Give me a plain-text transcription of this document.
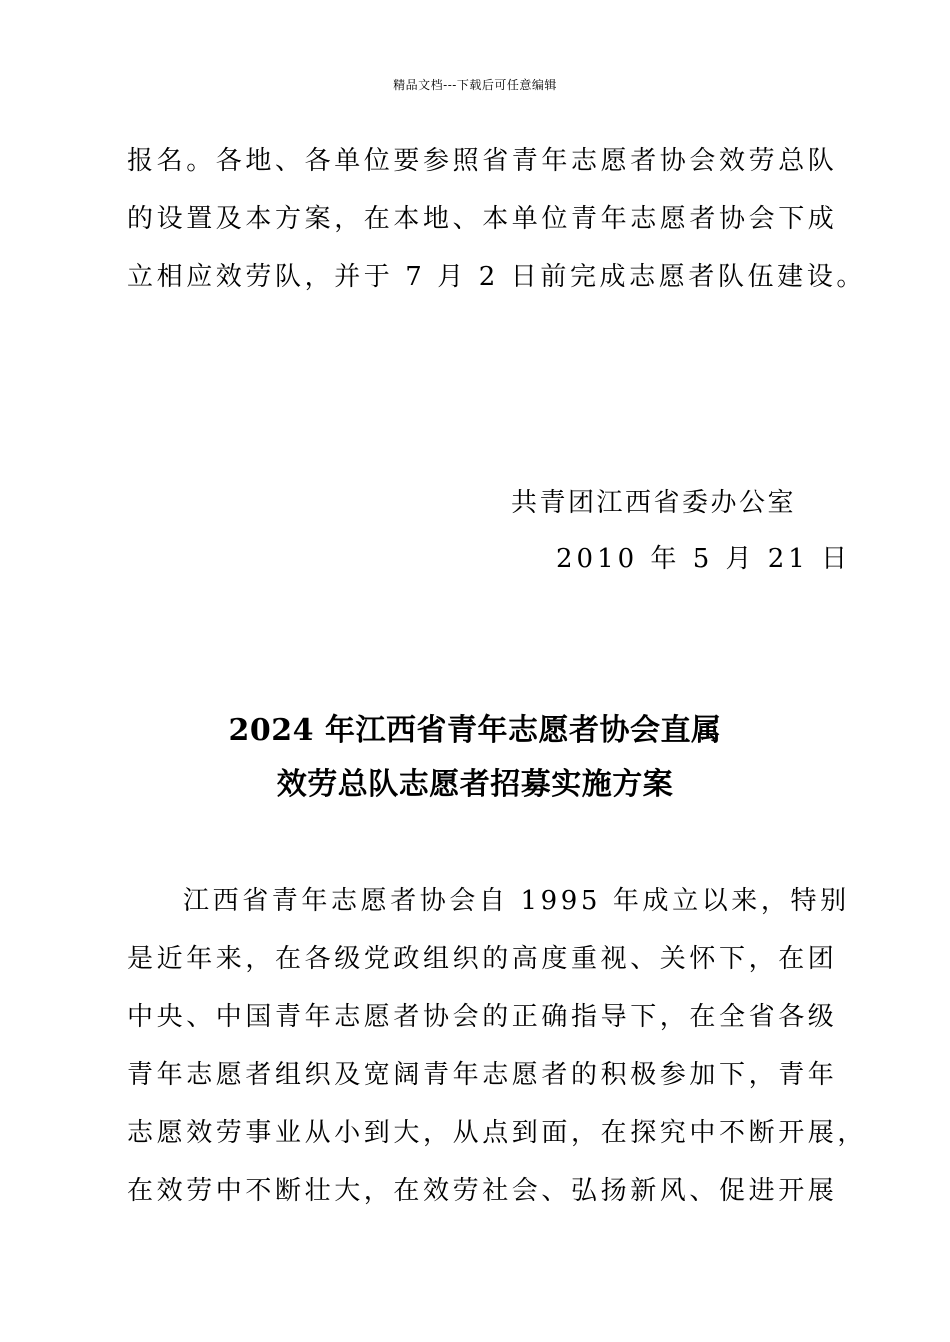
精品文档---下载后可任意编辑
报名。各地、各单位要参照省青年志愿者协会效劳总队
的设置及本方案，在本地、本单位青年志愿者协会下成
立相应效劳队，并于 7 月 2 日前完成志愿者队伍建设。
共青团江西省委办公室
2010 年 5 月 21 日
2024 年江西省青年志愿者协会直属
效劳总队志愿者招募实施方案
江西省青年志愿者协会自 1995 年成立以来，特别
是近年来，在各级党政组织的高度重视、关怀下，在团
中央、中国青年志愿者协会的正确指导下，在全省各级
青年志愿者组织及宽阔青年志愿者的积极参加下，青年
志愿效劳事业从小到大，从点到面，在探究中不断开展，
在效劳中不断壮大，在效劳社会、弘扬新风、促进开展
